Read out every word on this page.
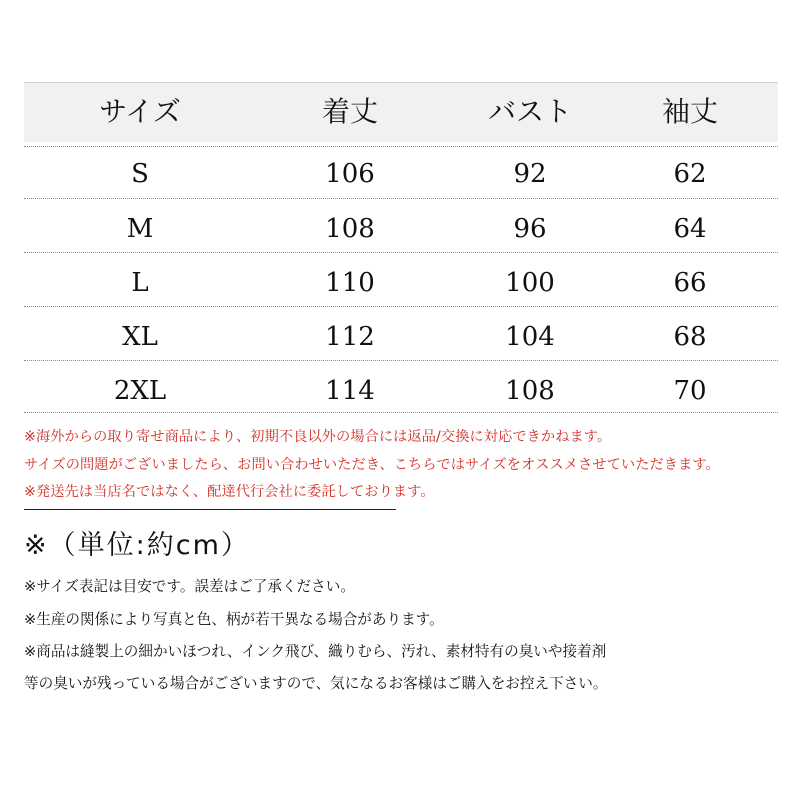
サイズ	着丈	バスト	袖丈
S	106	92	62
M	108	96	64
L	110	100	66
XL	112	104	68
2XL	114	108	70
※海外からの取り寄せ商品により、初期不良以外の場合には返品/交換に対応できかねます。
サイズの問題がございましたら、お問い合わせいただき、こちらではサイズをオススメさせていただきます。
※発送先は当店名ではなく、配達代行会社に委託しております。
※（単位:約cm）
※サイズ表記は目安です。誤差はご了承ください。
※生産の関係により写真と色、柄が若干異なる場合があります。
※商品は縫製上の細かいほつれ、インク飛び、織りむら、汚れ、素材特有の臭いや接着剤
等の臭いが残っている場合がございますので、気になるお客様はご購入をお控え下さい。
